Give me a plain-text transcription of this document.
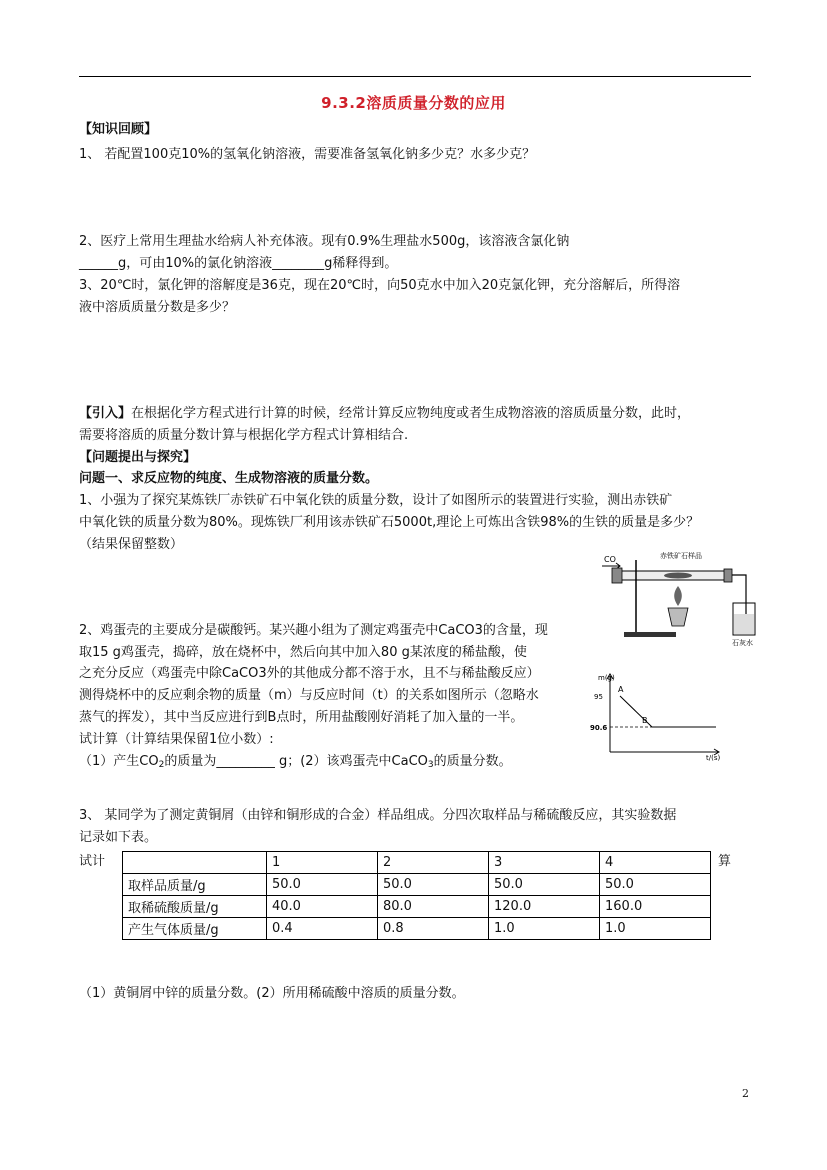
9.3.2溶质质量分数的应用
【知识回顾】
1、 若配置100克10%的氢氧化钠溶液，需要准备氢氧化钠多少克？水多少克？
2、医疗上常用生理盐水给病人补充体液。现有0.9%生理盐水500g，该溶液含氯化钠
______g，可由10%的氯化钠溶液________g稀释得到。
3、20℃时，氯化钾的溶解度是36克，现在20℃时，向50克水中加入20克氯化钾，充分溶解后，所得溶
液中溶质质量分数是多少？
【引入】在根据化学方程式进行计算的时候，经常计算反应物纯度或者生成物溶液的溶质质量分数，此时，
需要将溶质的质量分数计算与根据化学方程式计算相结合.
【问题提出与探究】
问题一、求反应物的纯度、生成物溶液的质量分数。
1、小强为了探究某炼铁厂赤铁矿石中氧化铁的质量分数，设计了如图所示的装置进行实验，测出赤铁矿
中氧化铁的质量分数为80%。现炼铁厂利用该赤铁矿石5000t,理论上可炼出含铁98%的生铁的质量是多少？
（结果保留整数）
CO	赤铁矿石样品
石灰水
2、鸡蛋壳的主要成分是碳酸钙。某兴趣小组为了测定鸡蛋壳中CaCO3的含量，现
取15 g鸡蛋壳，捣碎，放在烧杯中，然后向其中加入80 g某浓度的稀盐酸，使
之充分反应（鸡蛋壳中除CaCO3外的其他成分都不溶于水，且不与稀盐酸反应）
测得烧杯中的反应剩余物的质量（m）与反应时间（t）的关系如图所示（忽略水
蒸气的挥发），其中当反应进行到B点时，所用盐酸刚好消耗了加入量的一半。
试计算（计算结果保留1位小数）:
（1）产生$CO_2$的质量为_________ g；(2）该鸡蛋壳中CaCO$_3$的质量分数。
m(g)
t/(s)
95
90.6
A
B
3、 某同学为了测定黄铜屑（由锌和铜形成的合金）样品组成。分四次取样品与稀硫酸反应，其实验数据
记录如下表。
试计	算
	1	2	3	4
取样品质量/g	50.0	50.0	50.0	50.0
取稀硫酸质量/g	40.0	80.0	120.0	160.0
产生气体质量/g	0.4	0.8	1.0	1.0
（1）黄铜屑中锌的质量分数。(2）所用稀硫酸中溶质的质量分数。
2
